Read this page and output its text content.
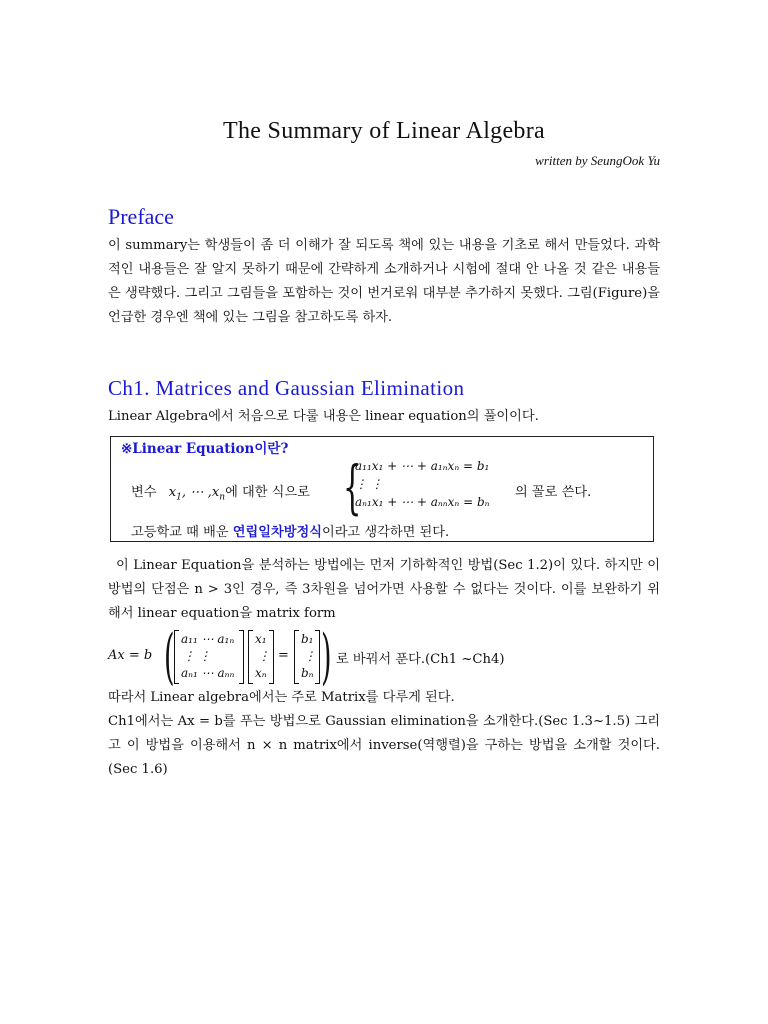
The Summary of Linear Algebra
written by SeungOok Yu
Preface

이 summary는 학생들이 좀 더 이해가 잘 되도록 책에 있는 내용을 기초로 해서 만들었다. 과학적인 내용들은 잘 알지 못하기 때문에 간략하게 소개하거나 시험에 절대 안 나올 것 같은 내용들은 생략했다. 그리고 그림들을 포함하는 것이 번거로워 대부분 추가하지 못했다. 그림(Figure)을 언급한 경우엔 책에 있는 그림을 참고하도록 하자.

Ch1. Matrices and Gaussian Elimination

Linear Algebra에서 처음으로 다룰 내용은 linear equation의 풀이이다.

※Linear Equation이란?
변수 $x_1$, ⋯ $,x_n$에 대한 식으로 {
a₁₁x₁ + ⋯ + a₁ₙxₙ = b₁
⋮ ⋮
aₙ₁x₁ + ⋯ + aₙₙxₙ = bₙ
의 꼴로 쓴다.
고등학교 때 배운 연립일차방정식이라고 생각하면 된다.

이 Linear Equation을 분석하는 방법에는 먼저 기하학적인 방법(Sec 1.2)이 있다. 하지만 이 방법의 단점은 n > 3인 경우, 즉 3차원을 넘어가면 사용할 수 없다는 것이다. 이를 보완하기 위해서 linear equation을 matrix form

Ax = b ( a₁₁ ⋯ a₁ₙ
⋮ ⋮
aₙ₁ ⋯ aₙₙ
x₁
⋮
xₙ
=
b₁
⋮
bₙ ) 로 바꿔서 푼다.(Ch1 ~Ch4)

따라서 Linear algebra에서는 주로 Matrix를 다루게 된다.

Ch1에서는 Ax = b를 푸는 방법으로 Gaussian elimination을 소개한다.(Sec 1.3~1.5) 그리고 이 방법을 이용해서 n × n matrix에서 inverse(역행렬)을 구하는 방법을 소개할 것이다.(Sec 1.6)
